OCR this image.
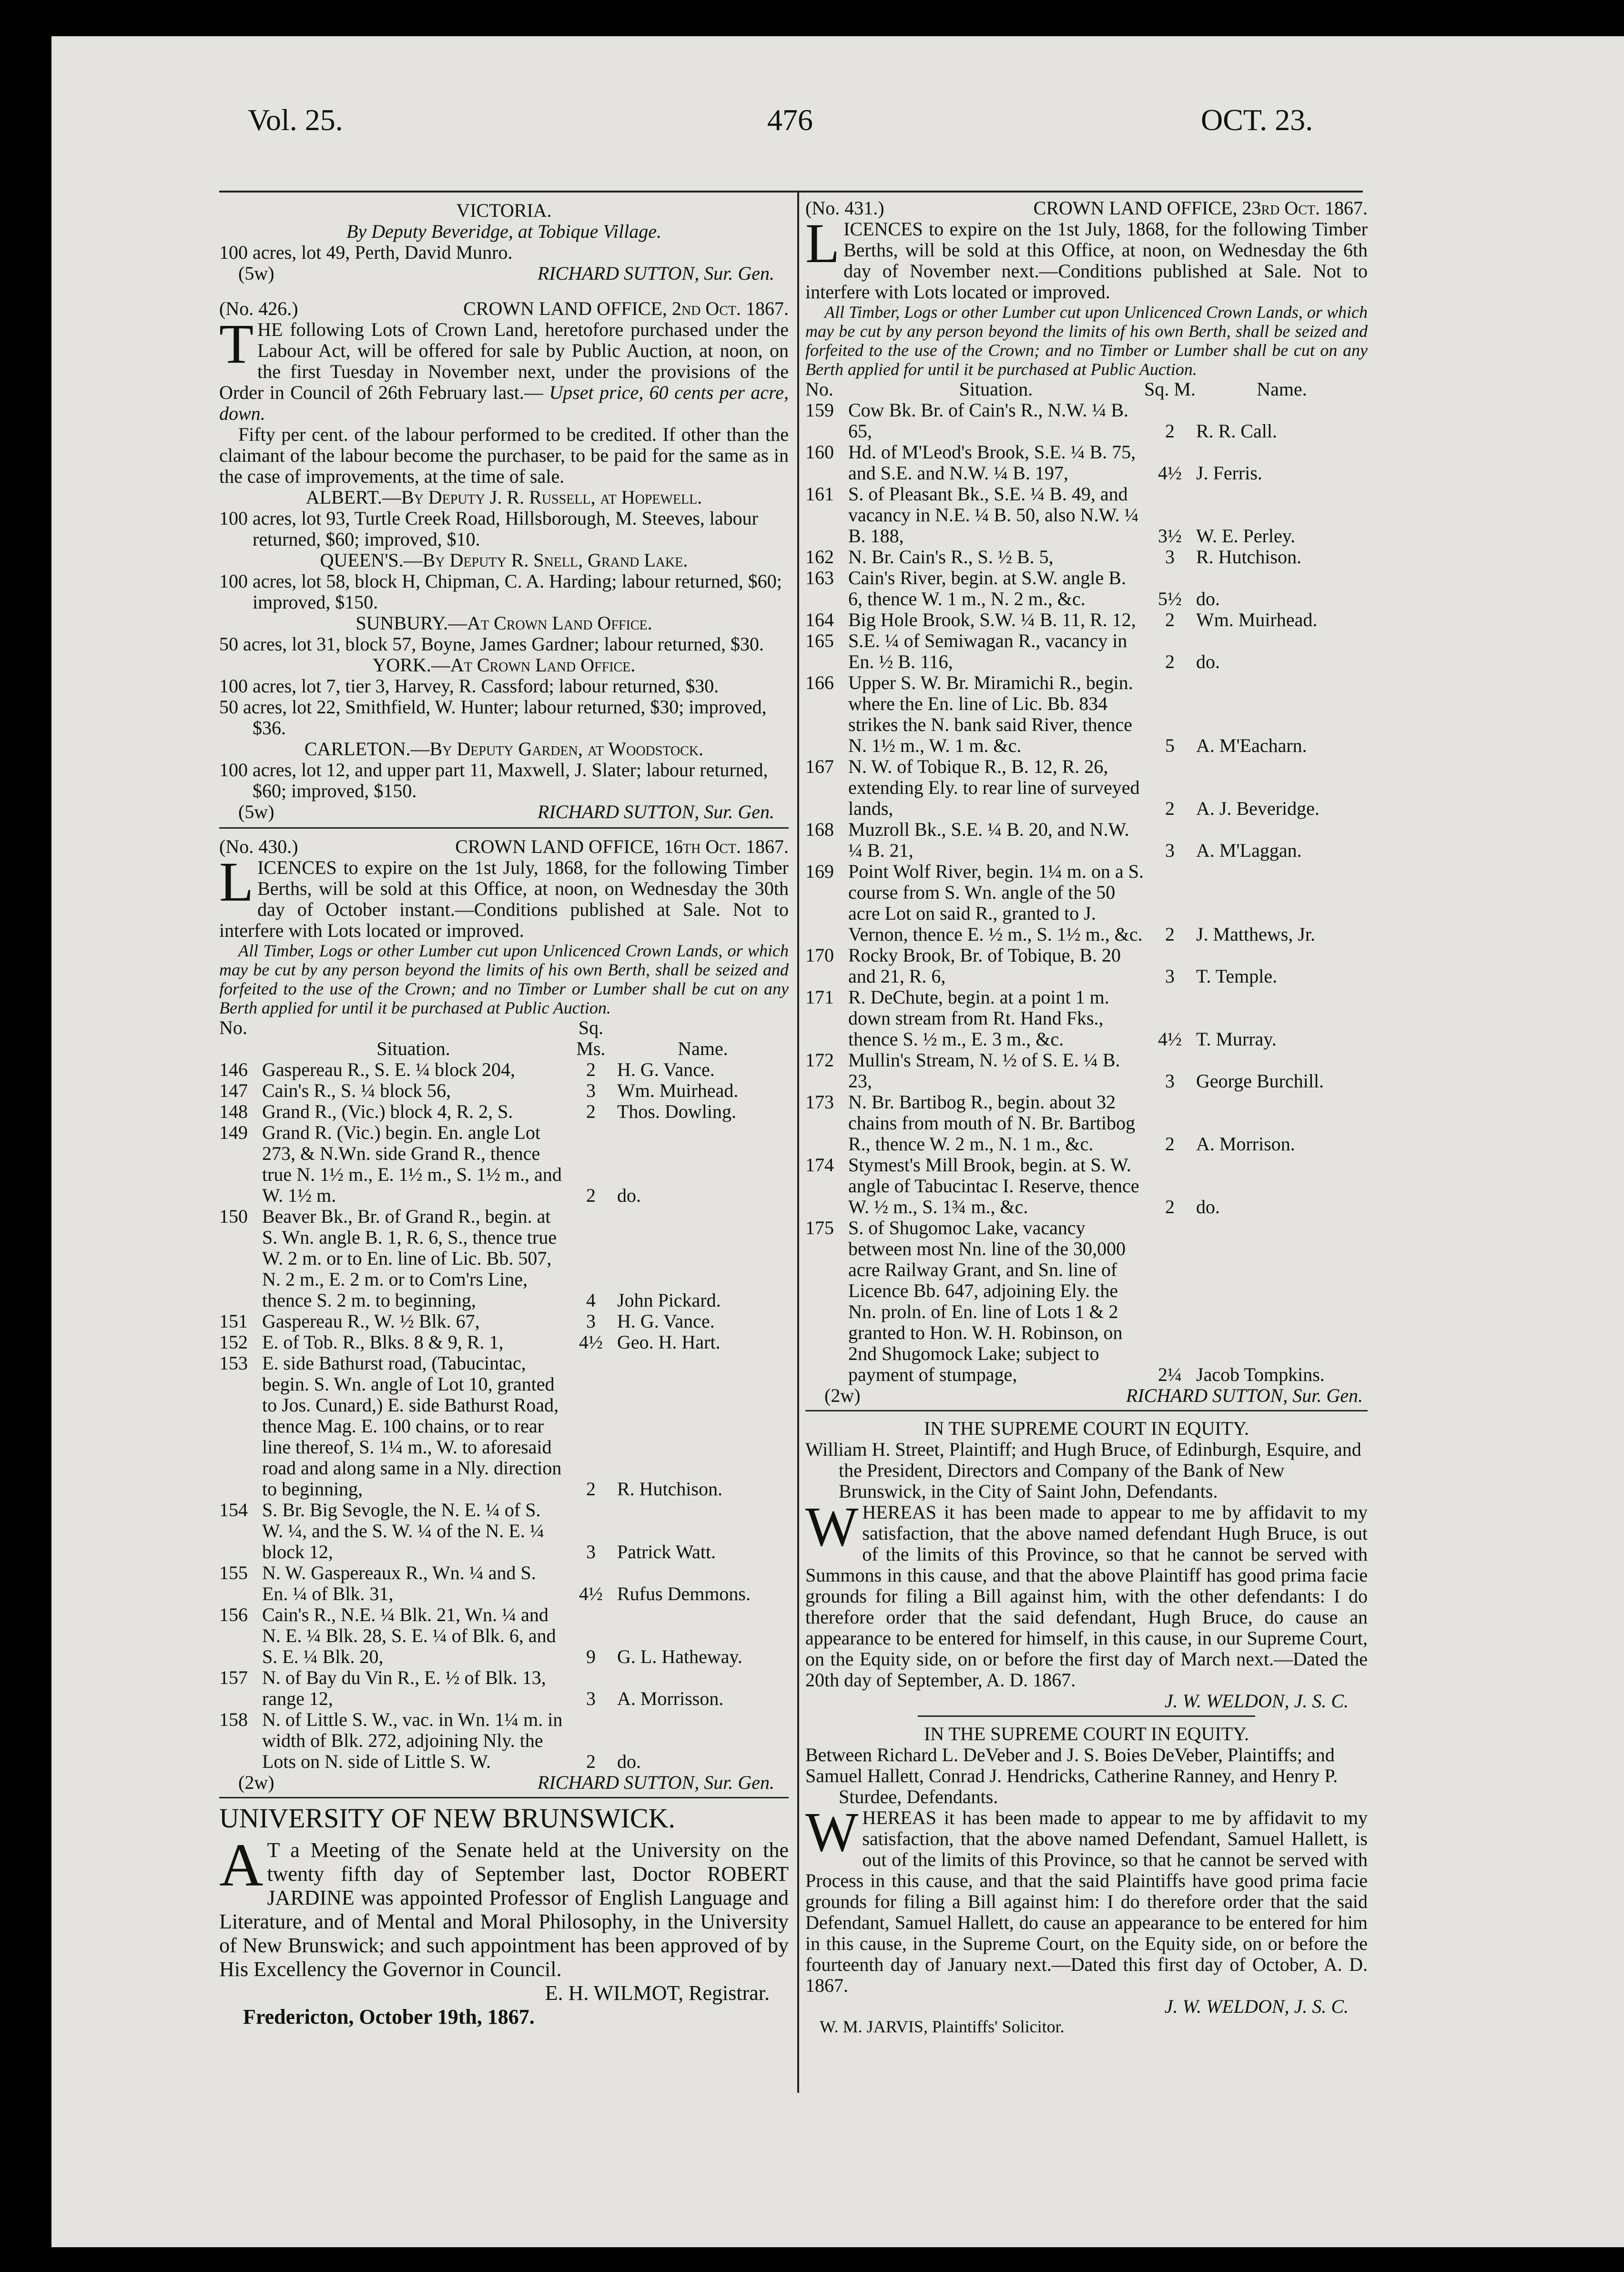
Vol. 25.	476	OCT. 23.
VICTORIA.
By Deputy Beveridge, at Tobique Village.
100 acres, lot 49, Perth, David Munro.
(5w)	RICHARD SUTTON, Sur. Gen.
(No. 426.)	CROWN LAND OFFICE, 2nd Oct. 1867.
THE following Lots of Crown Land, heretofore purchased under the Labour Act, will be offered for sale by Public Auction, at noon, on the first Tuesday in November next, under the provisions of the Order in Council of 26th February last.— Upset price, 60 cents per acre, down.
Fifty per cent. of the labour performed to be credited. If other than the claimant of the labour become the purchaser, to be paid for the same as in the case of improvements, at the time of sale.
ALBERT.—By Deputy J. R. Russell, at Hopewell.
100 acres, lot 93, Turtle Creek Road, Hillsborough, M. Steeves, labour returned, $60; improved, $10.
QUEEN'S.—By Deputy R. Snell, Grand Lake.
100 acres, lot 58, block H, Chipman, C. A. Harding; labour returned, $60; improved, $150.
SUNBURY.—At Crown Land Office.
50 acres, lot 31, block 57, Boyne, James Gardner; labour returned, $30.
YORK.—At Crown Land Office.
100 acres, lot 7, tier 3, Harvey, R. Cassford; labour returned, $30.
50 acres, lot 22, Smithfield, W. Hunter; labour returned, $30; improved, $36.
CARLETON.—By Deputy Garden, at Woodstock.
100 acres, lot 12, and upper part 11, Maxwell, J. Slater; labour returned, $60; improved, $150.
(5w)	RICHARD SUTTON, Sur. Gen.
(No. 430.)	CROWN LAND OFFICE, 16th Oct. 1867.
LICENCES to expire on the 1st July, 1868, for the following Timber Berths, will be sold at this Office, at noon, on Wednesday the 30th day of October instant.—Conditions published at Sale. Not to interfere with Lots located or improved.
All Timber, Logs or other Lumber cut upon Unlicenced Crown Lands, or which may be cut by any person beyond the limits of his own Berth, shall be seized and forfeited to the use of the Crown; and no Timber or Lumber shall be cut on any Berth applied for until it be purchased at Public Auction.
No.	Situation.	Sq. Ms.	Name.
146	Gaspereau R., S. E. ¼ block 204,	2	H. G. Vance.
147	Cain's R., S. ¼ block 56,	3	Wm. Muirhead.
148	Grand R., (Vic.) block 4, R. 2, S.	2	Thos. Dowling.
149	Grand R. (Vic.) begin. En. angle Lot 273, & N.Wn. side Grand R., thence true N. 1½ m., E. 1½ m., S. 1½ m., and W. 1½ m.	2	do.
150	Beaver Bk., Br. of Grand R., begin. at S. Wn. angle B. 1, R. 6, S., thence true W. 2 m. or to En. line of Lic. Bb. 507, N. 2 m., E. 2 m. or to Com'rs Line, thence S. 2 m. to beginning,	4	John Pickard.
151	Gaspereau R., W. ½ Blk. 67,	3	H. G. Vance.
152	E. of Tob. R., Blks. 8 & 9, R. 1,	4½	Geo. H. Hart.
153	E. side Bathurst road, (Tabucintac, begin. S. Wn. angle of Lot 10, granted to Jos. Cunard,) E. side Bathurst Road, thence Mag. E. 100 chains, or to rear line thereof, S. 1¼ m., W. to aforesaid road and along same in a Nly. direction to beginning,	2	R. Hutchison.
154	S. Br. Big Sevogle, the N. E. ¼ of S. W. ¼, and the S. W. ¼ of the N. E. ¼ block 12,	3	Patrick Watt.
155	N. W. Gaspereaux R., Wn. ¼ and S. En. ¼ of Blk. 31,	4½	Rufus Demmons.
156	Cain's R., N.E. ¼ Blk. 21, Wn. ¼ and N. E. ¼ Blk. 28, S. E. ¼ of Blk. 6, and S. E. ¼ Blk. 20,	9	G. L. Hatheway.
157	N. of Bay du Vin R., E. ½ of Blk. 13, range 12,	3	A. Morrisson.
158	N. of Little S. W., vac. in Wn. 1¼ m. in width of Blk. 272, adjoining Nly. the Lots on N. side of Little S. W.	2	do.
(2w)	RICHARD SUTTON, Sur. Gen.
UNIVERSITY OF NEW BRUNSWICK.
A T a Meeting of the Senate held at the University on the twenty fifth day of September last, Doctor ROBERT JARDINE was appointed Professor of English Language and Literature, and of Mental and Moral Philosophy, in the University of New Brunswick; and such appointment has been approved of by His Excellency the Governor in Council.
E. H. WILMOT, Registrar.
Fredericton, October 19th, 1867.
(No. 431.)	CROWN LAND OFFICE, 23rd Oct. 1867.
LICENCES to expire on the 1st July, 1868, for the following Timber Berths, will be sold at this Office, at noon, on Wednesday the 6th day of November next.—Conditions published at Sale. Not to interfere with Lots located or improved.
All Timber, Logs or other Lumber cut upon Unlicenced Crown Lands, or which may be cut by any person beyond the limits of his own Berth, shall be seized and forfeited to the use of the Crown; and no Timber or Lumber shall be cut on any Berth applied for until it be purchased at Public Auction.
No.	Situation.	Sq. M.	Name.
159	Cow Bk. Br. of Cain's R., N.W. ¼ B. 65,	2	R. R. Call.
160	Hd. of M'Leod's Brook, S.E. ¼ B. 75, and S.E. and N.W. ¼ B. 197,	4½	J. Ferris.
161	S. of Pleasant Bk., S.E. ¼ B. 49, and vacancy in N.E. ¼ B. 50, also N.W. ¼ B. 188,	3½	W. E. Perley.
162	N. Br. Cain's R., S. ½ B. 5,	3	R. Hutchison.
163	Cain's River, begin. at S.W. angle B. 6, thence W. 1 m., N. 2 m., &c.	5½	do.
164	Big Hole Brook, S.W. ¼ B. 11, R. 12,	2	Wm. Muirhead.
165	S.E. ¼ of Semiwagan R., vacancy in En. ½ B. 116,	2	do.
166	Upper S. W. Br. Miramichi R., begin. where the En. line of Lic. Bb. 834 strikes the N. bank said River, thence N. 1½ m., W. 1 m. &c.	5	A. M'Eacharn.
167	N. W. of Tobique R., B. 12, R. 26, extending Ely. to rear line of surveyed lands,	2	A. J. Beveridge.
168	Muzroll Bk., S.E. ¼ B. 20, and N.W. ¼ B. 21,	3	A. M'Laggan.
169	Point Wolf River, begin. 1¼ m. on a S. course from S. Wn. angle of the 50 acre Lot on said R., granted to J. Vernon, thence E. ½ m., S. 1½ m., &c.	2	J. Matthews, Jr.
170	Rocky Brook, Br. of Tobique, B. 20 and 21, R. 6,	3	T. Temple.
171	R. DeChute, begin. at a point 1 m. down stream from Rt. Hand Fks., thence S. ½ m., E. 3 m., &c.	4½	T. Murray.
172	Mullin's Stream, N. ½ of S. E. ¼ B. 23,	3	George Burchill.
173	N. Br. Bartibog R., begin. about 32 chains from mouth of N. Br. Bartibog R., thence W. 2 m., N. 1 m., &c.	2	A. Morrison.
174	Stymest's Mill Brook, begin. at S. W. angle of Tabucintac I. Reserve, thence W. ½ m., S. 1¾ m., &c.	2	do.
175	S. of Shugomoc Lake, vacancy between most Nn. line of the 30,000 acre Railway Grant, and Sn. line of Licence Bb. 647, adjoining Ely. the Nn. proln. of En. line of Lots 1 & 2 granted to Hon. W. H. Robinson, on 2nd Shugomock Lake; subject to payment of stumpage,	2¼	Jacob Tompkins.
(2w)	RICHARD SUTTON, Sur. Gen.
IN THE SUPREME COURT IN EQUITY.
William H. Street, Plaintiff; and Hugh Bruce, of Edinburgh, Esquire, and the President, Directors and Company of the Bank of New Brunswick, in the City of Saint John, Defendants.
WHEREAS it has been made to appear to me by affidavit to my satisfaction, that the above named defendant Hugh Bruce, is out of the limits of this Province, so that he cannot be served with Summons in this cause, and that the above Plaintiff has good prima facie grounds for filing a Bill against him, with the other defendants: I do therefore order that the said defendant, Hugh Bruce, do cause an appearance to be entered for himself, in this cause, in our Supreme Court, on the Equity side, on or before the first day of March next.—Dated the 20th day of September, A. D. 1867.
J. W. WELDON, J. S. C.
IN THE SUPREME COURT IN EQUITY.
Between Richard L. DeVeber and J. S. Boies DeVeber, Plaintiffs; and
Samuel Hallett, Conrad J. Hendricks, Catherine Ranney, and Henry P. Sturdee, Defendants.
WHEREAS it has been made to appear to me by affidavit to my satisfaction, that the above named Defendant, Samuel Hallett, is out of the limits of this Province, so that he cannot be served with Process in this cause, and that the said Plaintiffs have good prima facie grounds for filing a Bill against him: I do therefore order that the said Defendant, Samuel Hallett, do cause an appearance to be entered for him in this cause, in the Supreme Court, on the Equity side, on or before the fourteenth day of January next.—Dated this first day of October, A. D. 1867.
J. W. WELDON, J. S. C.
W. M. JARVIS, Plaintiffs' Solicitor.
